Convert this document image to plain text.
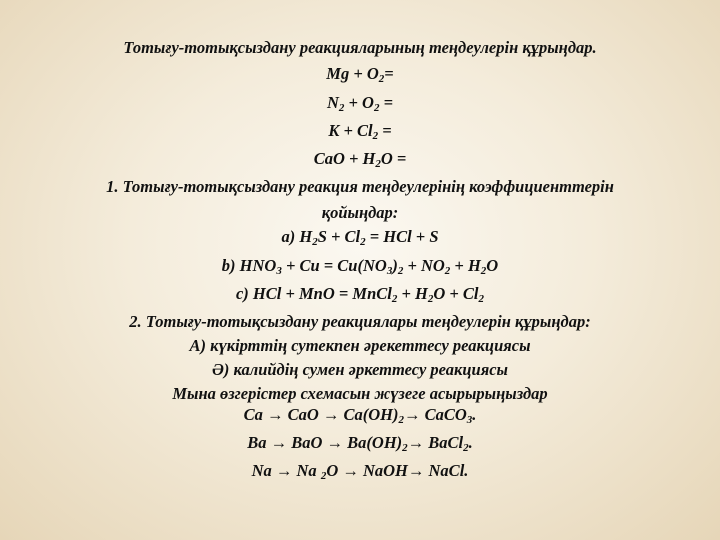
Тотығу-тотықсыздану реакцияларының теңдеулерін құрыңдар.
$Mg + O_2=$
$N_2 + O_2$ =
$K + Cl_2$ =
CaO + $H_2O$ =
1. Тотығу-тотықсыздану реакция теңдеулерінің коэффициенттерін
қойыңдар:
a) $H_2S + Cl_2$ = HCl + S
b) $HNO_3 + Cu = Cu(NO_3)_2 + NO_2 + H_2O$
c) HCl + MnO = MnCl$_2$ + $H_2O + Cl_2$
2. Тотығу-тотықсыздану реакциялары теңдеулерін құрыңдар:
А) күкірттің сутекпен әрекеттесу реакциясы
Ә) калийдің сумен әркеттесу реакциясы
Мына өзгерістер схемасын жүзеге асырырыңыздар
Ca → CaO → $Ca(OH)_2\to$ CaCO$_3$.
Ba → BaO → $Ba(OH)_2\to$ BaCl$_2$.
Na → Na $_2$O → NaOH→ NaCl.
